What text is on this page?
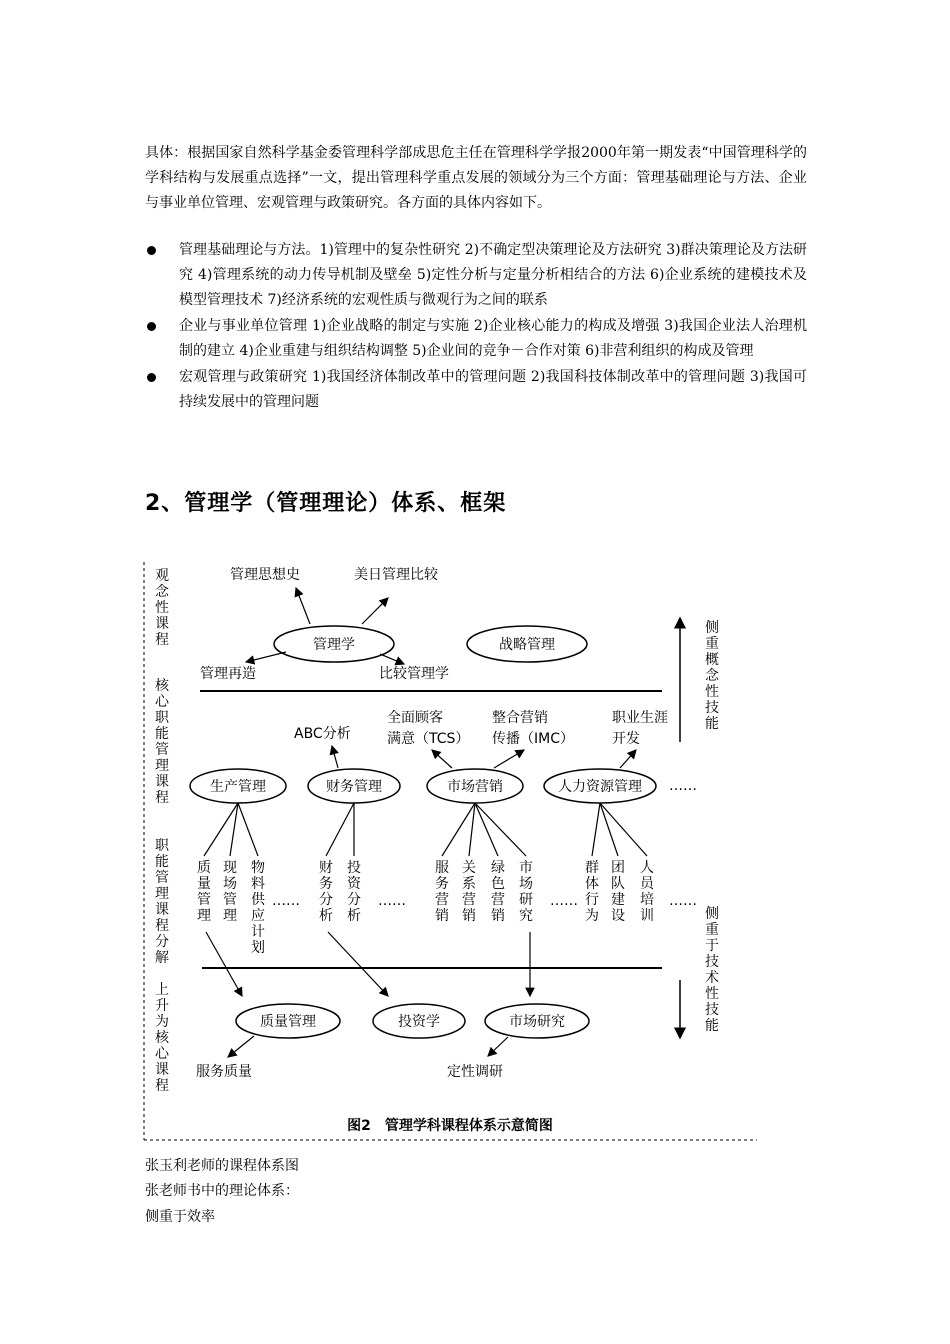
具体：根据国家自然科学基金委管理科学部成思危主任在管理科学学报2000年第一期发表“中国管理科学的学科结构与发展重点选择”一文，提出管理科学重点发展的领域分为三个方面：管理基础理论与方法、企业与事业单位管理、宏观管理与政策研究。各方面的具体内容如下。

管理基础理论与方法。1)管理中的复杂性研究 2)不确定型决策理论及方法研究 3)群决策理论及方法研究 4)管理系统的动力传导机制及壁垒 5)定性分析与定量分析相结合的方法 6)企业系统的建模技术及模型管理技术 7)经济系统的宏观性质与微观行为之间的联系
企业与事业单位管理 1)企业战略的制定与实施 2)企业核心能力的构成及增强 3)我国企业法人治理机制的建立 4)企业重建与组织结构调整 5)企业间的竞争－合作对策 6)非营利组织的构成及管理
宏观管理与政策研究 1)我国经济体制改革中的管理问题 2)我国科技体制改革中的管理问题 3)我国可持续发展中的管理问题
2、管理学（管理理论）体系、框架
观念性课程
核心职能管理课程
职能管理课程分解　上升为核心课程
侧重概念性技能
侧重于技术性技能
管理思想史	美日管理比较
管理学	战略管理
管理再造	比较管理学
ABC分析
全面顾客
满意（TCS）
整合营销
传播（IMC）
职业生涯
开发
生产管理	财务管理	市场营销	人力资源管理 ……
质量管理
现场管理
物料供应计划
财务分析
投资分析
服务营销
关系营销
绿色营销
市场研究
群体行为
团队建设
人员培训
……	……	……	……
质量管理	投资学	市场研究
服务质量	定性调研
图2　管理学科课程体系示意简图

张玉利老师的课程体系图

张老师书中的理论体系：

侧重于效率
